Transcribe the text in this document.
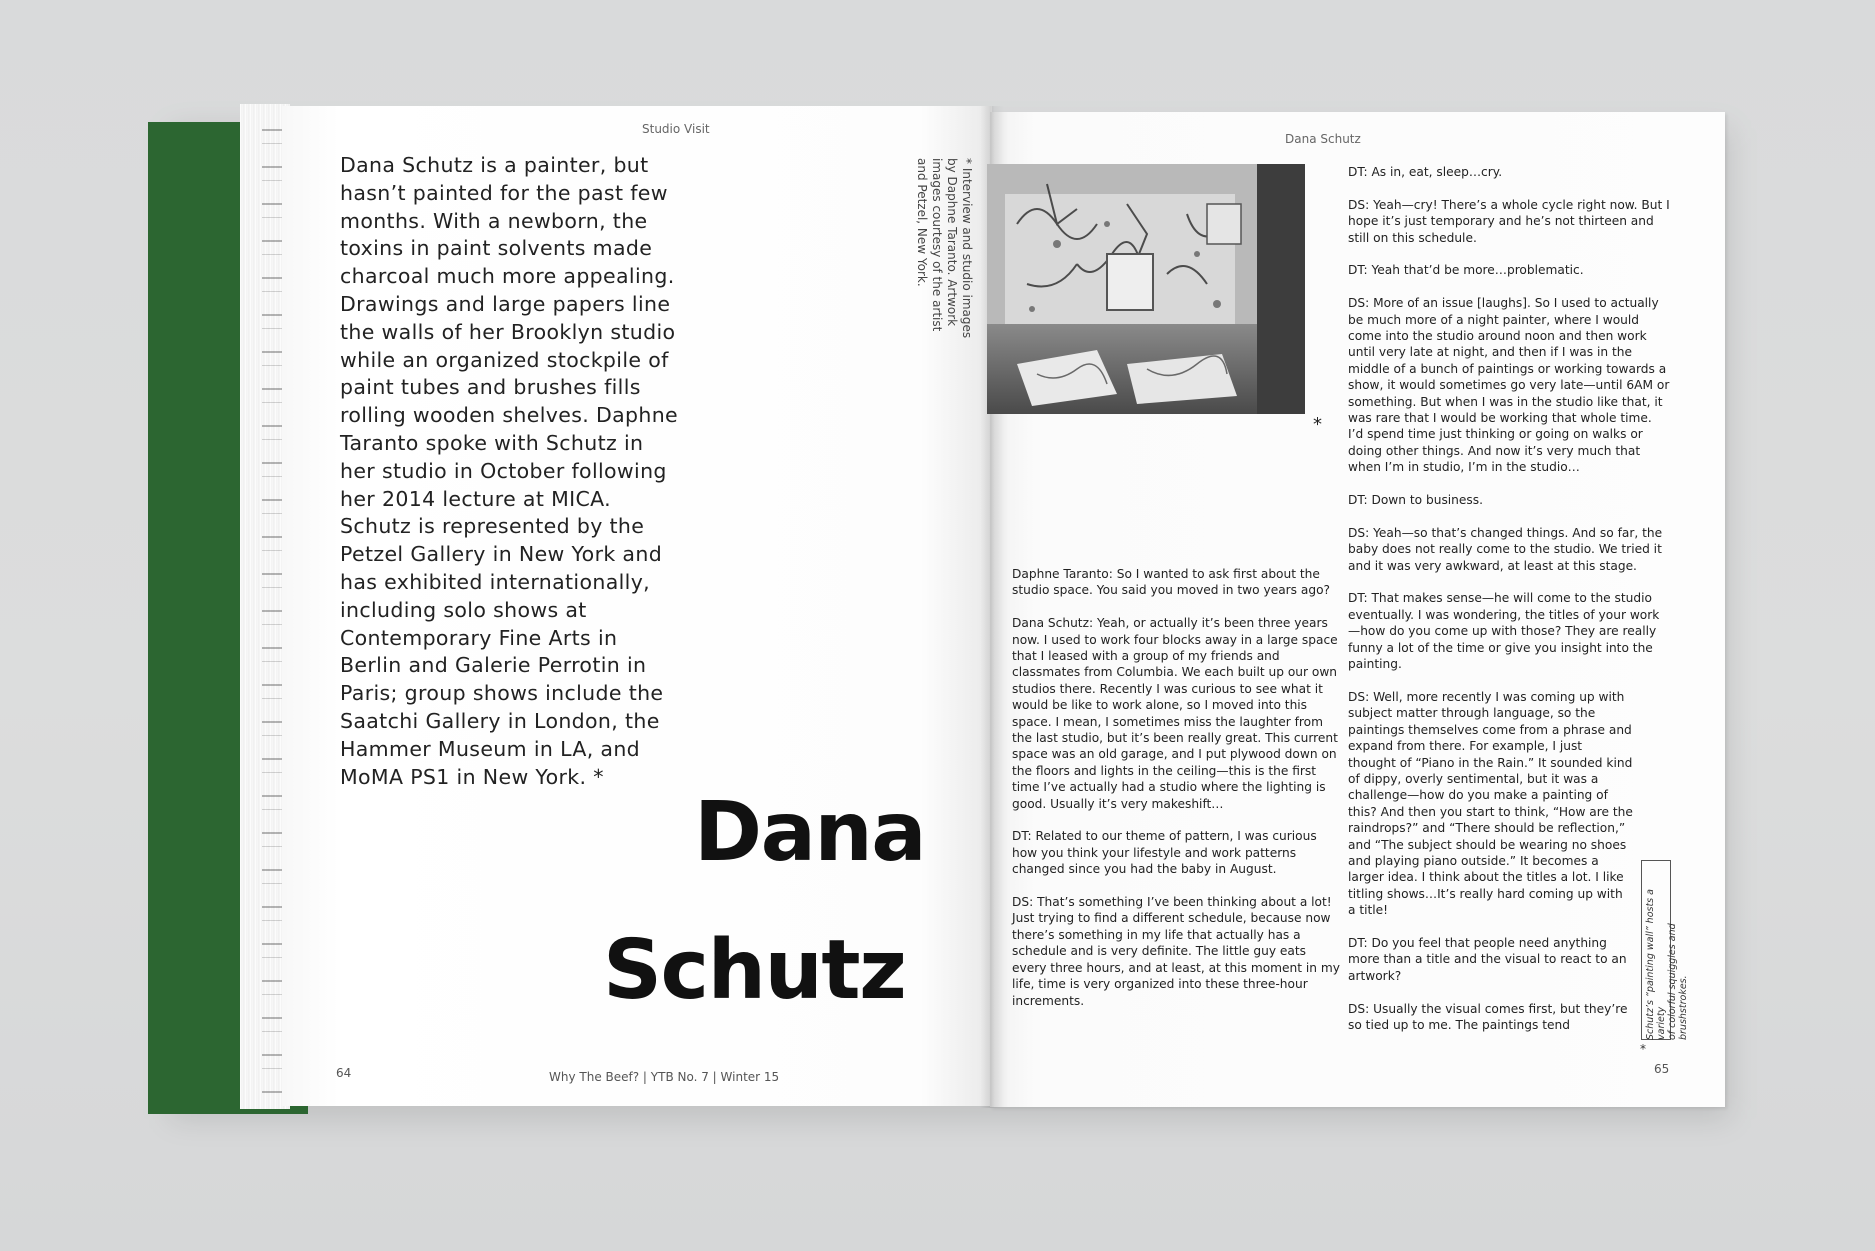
Studio Visit

Dana Schutz is a painter, but hasn’t painted for the past few months. With a newborn, the toxins in paint solvents made charcoal much more appealing. Drawings and large papers line the walls of her Brooklyn studio while an organized stockpile of paint tubes and brushes fills rolling wooden shelves. Daphne Taranto spoke with Schutz in her studio in October following her 2014 lecture at MICA. Schutz is represented by the Petzel Gallery in New York and has exhibited internationally, including solo shows at Contemporary Fine Arts in Berlin and Galerie Perrotin in Paris; group shows include the Saatchi Gallery in London, the Hammer Museum in LA, and MoMA PS1 in New York. *

* Interview and studio images
by Daphne Taranto. Artwork
images courtesy of the artist
and Petzel, New York.
Dana
Schutz
64	Why The Beef? | YTB No. 7 | Winter 15
Dana Schutz
*

Daphne Taranto: So I wanted to ask first about the studio space. You said you moved in two years ago?

Dana Schutz: Yeah, or actually it’s been three years now. I used to work four blocks away in a large space that I leased with a group of my friends and classmates from Columbia. We each built up our own studios there. Recently I was curious to see what it would be like to work alone, so I moved into this space. I mean, I sometimes miss the laughter from the last studio, but it’s been really great. This current space was an old garage, and I put plywood down on the floors and lights in the ceiling—this is the first time I’ve actually had a studio where the lighting is good. Usually it’s very makeshift…

DT: Related to our theme of pattern, I was curious how you think your lifestyle and work patterns changed since you had the baby in August.

DS: That’s something I’ve been thinking about a lot! Just trying to find a different schedule, because now there’s something in my life that actually has a schedule and is very definite. The little guy eats every three hours, and at least, at this moment in my life, time is very organized into these three-hour increments.

DT: As in, eat, sleep…cry.

DS: Yeah—cry! There’s a whole cycle right now. But I hope it’s just temporary and he’s not thirteen and still on this schedule.

DT: Yeah that’d be more…problematic.

DS: More of an issue [laughs]. So I used to actually be much more of a night painter, where I would come into the studio around noon and then work until very late at night, and then if I was in the middle of a bunch of paintings or working towards a show, it would sometimes go very late—until 6AM or something. But when I was in the studio like that, it was rare that I would be working that whole time. I’d spend time just thinking or going on walks or doing other things. And now it’s very much that when I’m in studio, I’m in the studio…

DT: Down to business.

DS: Yeah—so that’s changed things. And so far, the baby does not really come to the studio. We tried it and it was very awkward, at least at this stage.

DT: That makes sense—he will come to the studio eventually. I was wondering, the titles of your work—how do you come up with those? They are really funny a lot of the time or give you insight into the painting.

DS: Well, more recently I was coming up with subject matter through language, so the paintings themselves come from a phrase and expand from there. For example, I just thought of “Piano in the Rain.” It sounded kind of dippy, overly sentimental, but it was a challenge—how do you make a painting of this? And then you start to think, “How are the raindrops?” and “There should be reflection,” and “The subject should be wearing no shoes and playing piano outside.” It becomes a larger idea. I think about the titles a lot. I like titling shows…It’s really hard coming up with a title!

DT: Do you feel that people need anything more than a title and the visual to react to an artwork?

DS: Usually the visual comes first, but they’re so tied up to me. The paintings tend	Schutz’s “painting wall” hosts a variety
of colorful squiggles and brushstrokes.
*
65
